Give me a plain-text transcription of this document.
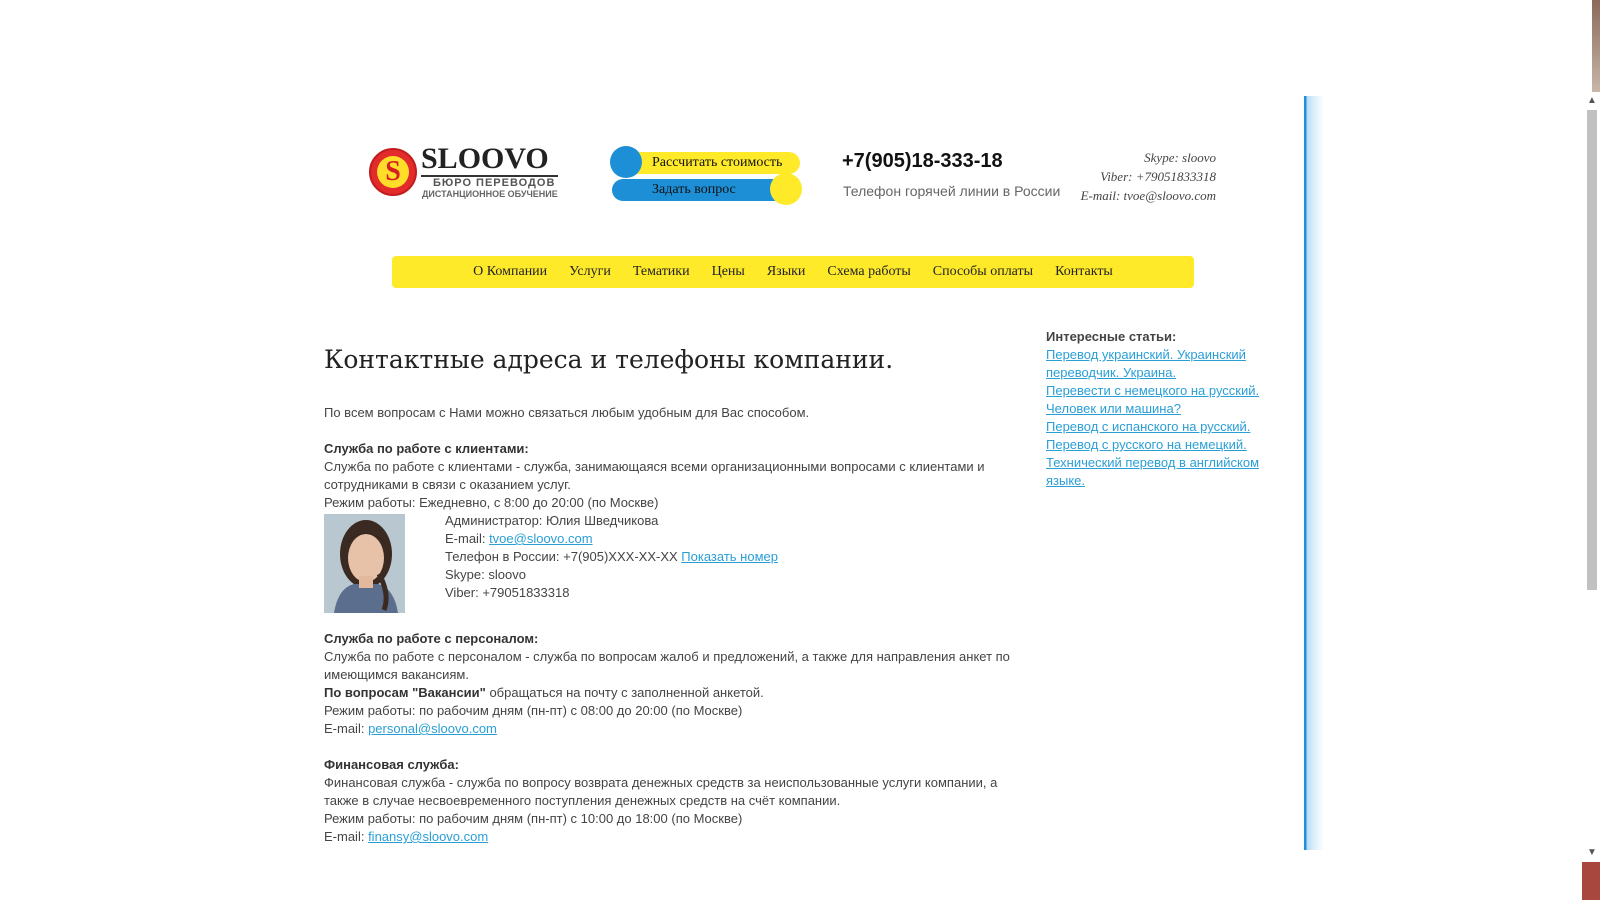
S SLOOVO
БЮРО ПЕРЕВОДОВ
ДИСТАНЦИОННОЕ ОБУЧЕНИЕ
Рассчитать стоимость
Задать вопрос
+7(905)18-333-18
Телефон горячей линии в России
Skype: sloovo
Viber: +79051833318
E-mail: tvoe@sloovo.com
О Компании Услуги Тематики Цены Языки Схема работы Способы оплаты Контакты
Контактные адреса и телефоны компании.

По всем вопросам с Нами можно связаться любым удобным для Вас способом.

Служба по работе с клиентами:

Служба по работе с клиентами - служба, занимающаяся всеми организационными вопросами с клиентами и сотрудниками в связи с оказанием услуг.

Режим работы: Ежедневно, с 8:00 до 20:00 (по Москве)

Администратор: Юлия Шведчикова

E-mail: tvoe@sloovo.com

Телефон в России: +7(905)XXX-XX-XX Показать номер

Skype: sloovo

Viber: +79051833318

Служба по работе с персоналом:

Служба по работе с персоналом - служба по вопросам жалоб и предложений, а также для направления анкет по имеющимся вакансиям.

По вопросам "Вакансии" обращаться на почту с заполненной анкетой.

Режим работы: по рабочим дням (пн-пт) с 08:00 до 20:00 (по Москве)

E-mail: personal@sloovo.com

Финансовая служба:

Финансовая служба - служба по вопросу возврата денежных средств за неиспользованные услуги компании, а также в случае несвоевременного поступления денежных средств на счёт компании.

Режим работы: по рабочим дням (пн-пт) с 10:00 до 18:00 (по Москве)

E-mail: finansy@sloovo.com

Интересные статьи:
Перевод украинский. Украинский переводчик. Украина.
Перевести с немецкого на русский. Человек или машина?
Перевод с испанского на русский.
Перевод с русского на немецкий.
Технический перевод в английском языке.
▲
▼
